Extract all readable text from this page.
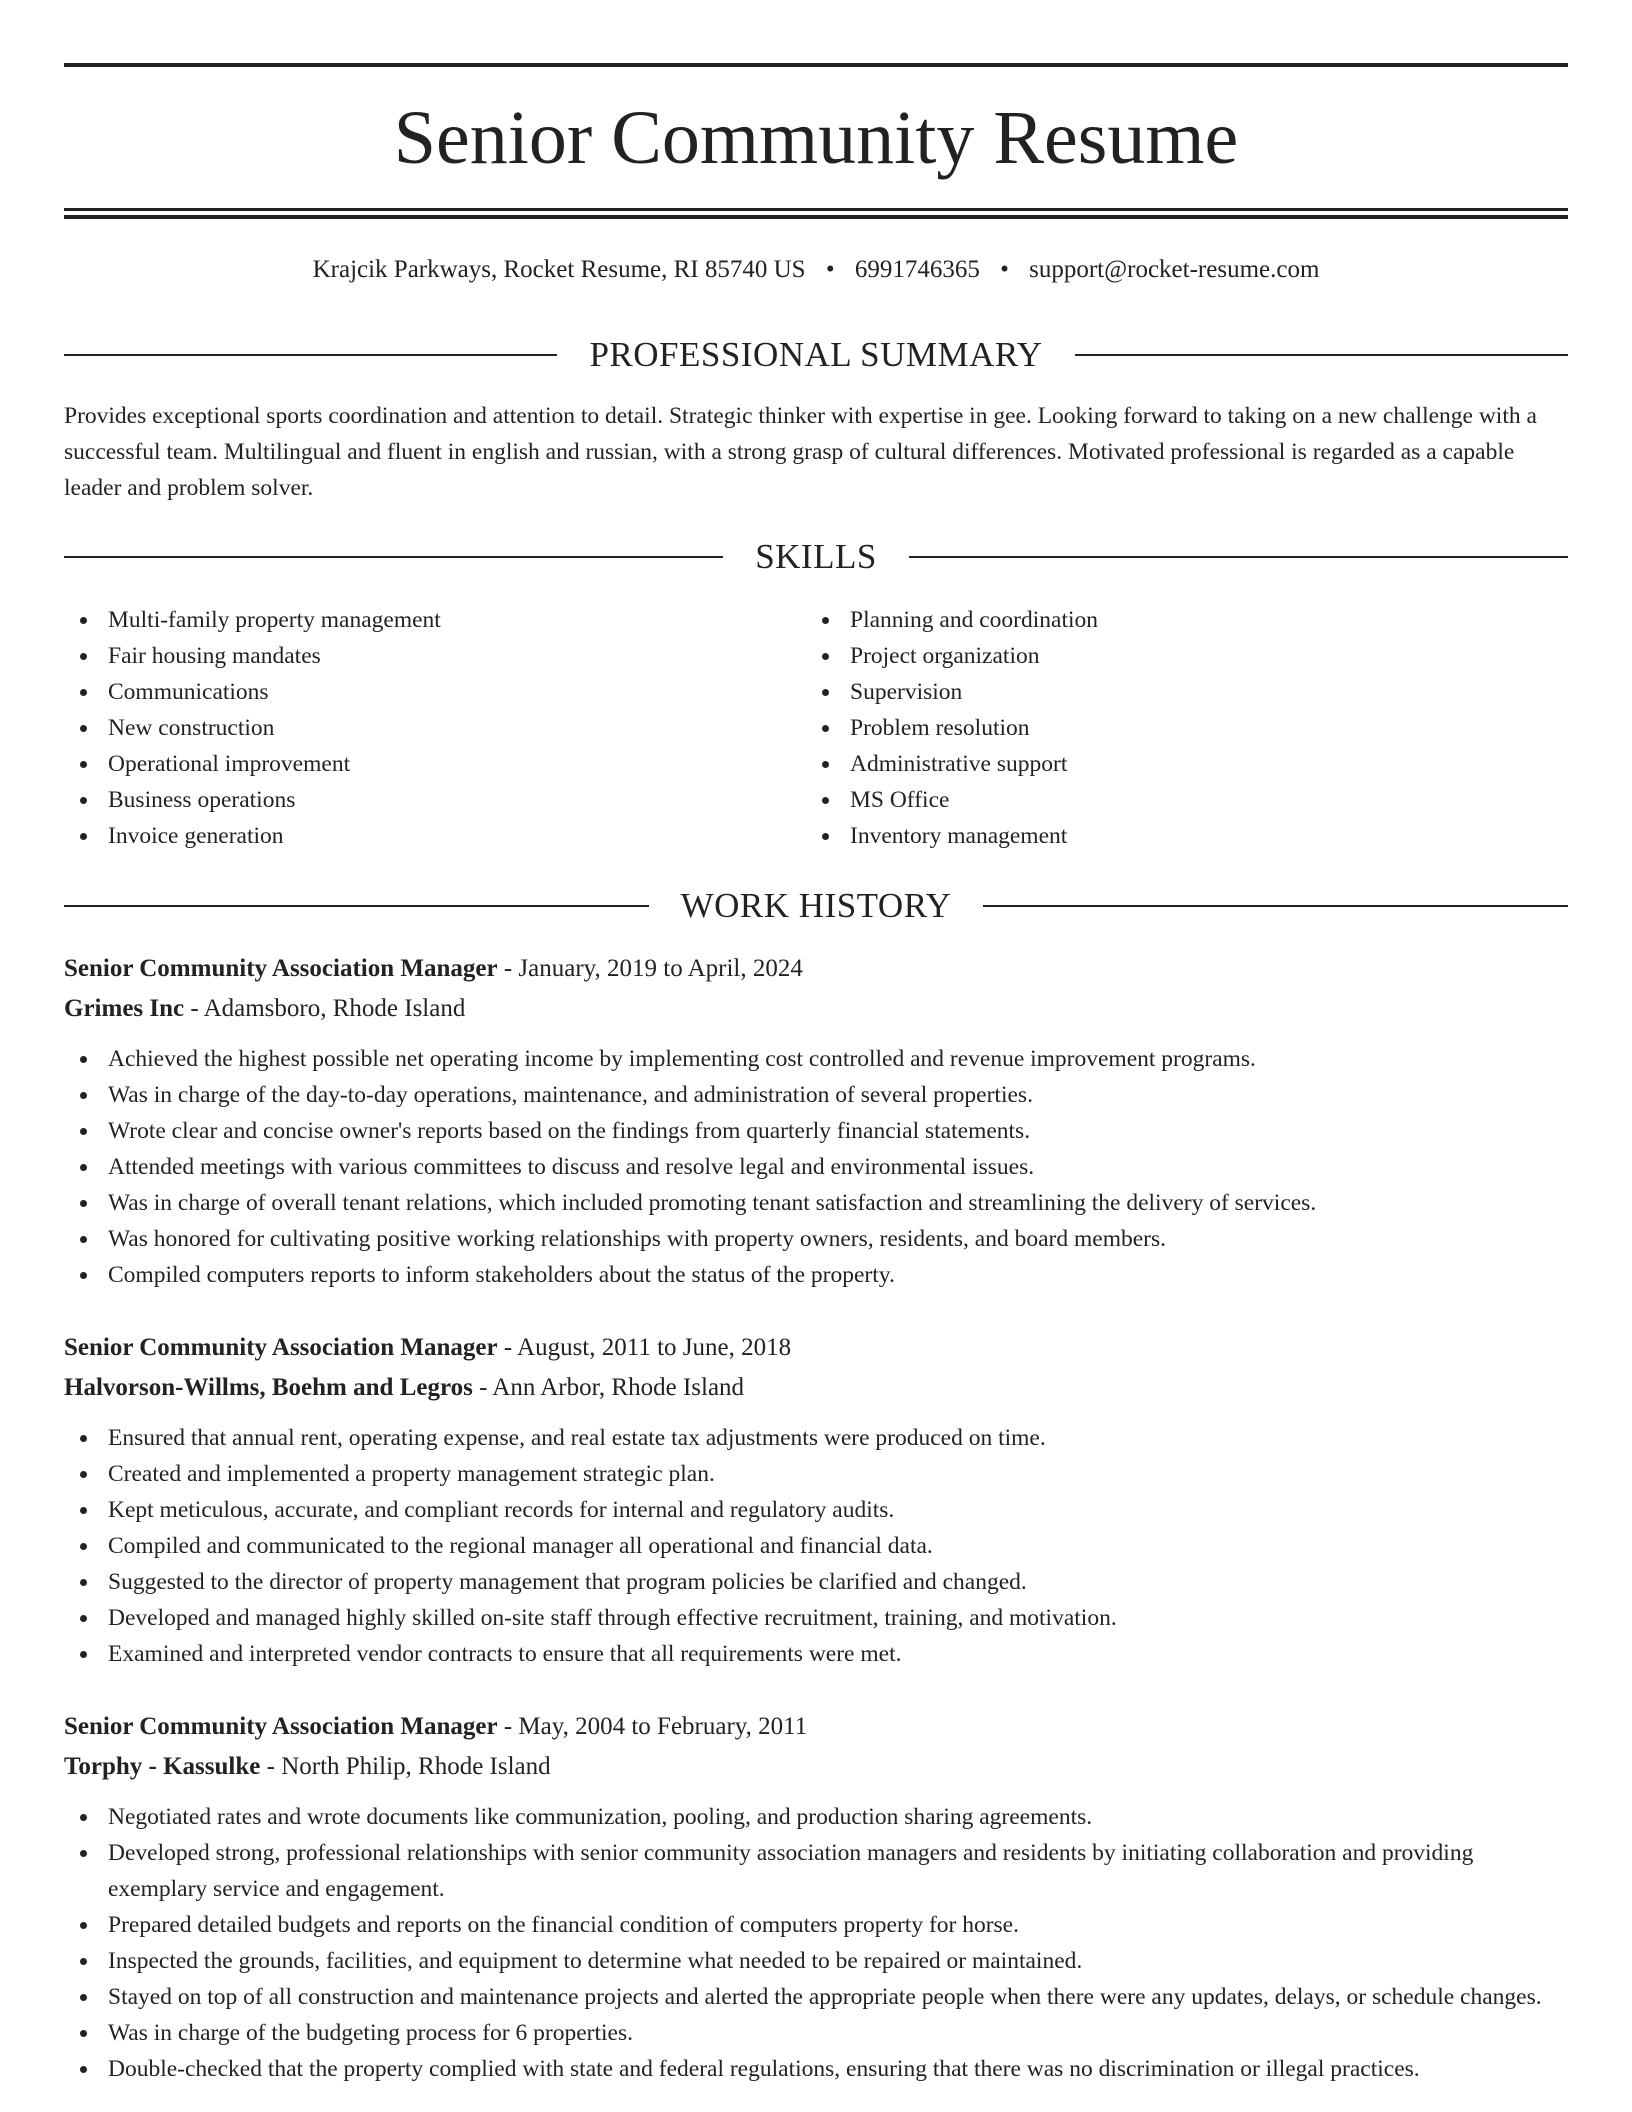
Senior Community Resume
Krajcik Parkways, Rocket Resume, RI 85740 US • 6991746365 • support@rocket-resume.com
PROFESSIONAL SUMMARY

Provides exceptional sports coordination and attention to detail. Strategic thinker with expertise in gee. Looking forward to taking on a new challenge with a successful team. Multilingual and fluent in english and russian, with a strong grasp of cultural differences. Motivated professional is regarded as a capable leader and problem solver.

SKILLS
Multi-family property management
Fair housing mandates
Communications
New construction
Operational improvement
Business operations
Invoice generation
Planning and coordination
Project organization
Supervision
Problem resolution
Administrative support
MS Office
Inventory management
WORK HISTORY
Senior Community Association Manager - January, 2019 to April, 2024
Grimes Inc - Adamsboro, Rhode Island
Achieved the highest possible net operating income by implementing cost controlled and revenue improvement programs.
Was in charge of the day-to-day operations, maintenance, and administration of several properties.
Wrote clear and concise owner's reports based on the findings from quarterly financial statements.
Attended meetings with various committees to discuss and resolve legal and environmental issues.
Was in charge of overall tenant relations, which included promoting tenant satisfaction and streamlining the delivery of services.
Was honored for cultivating positive working relationships with property owners, residents, and board members.
Compiled computers reports to inform stakeholders about the status of the property.
Senior Community Association Manager - August, 2011 to June, 2018
Halvorson-Willms, Boehm and Legros - Ann Arbor, Rhode Island
Ensured that annual rent, operating expense, and real estate tax adjustments were produced on time.
Created and implemented a property management strategic plan.
Kept meticulous, accurate, and compliant records for internal and regulatory audits.
Compiled and communicated to the regional manager all operational and financial data.
Suggested to the director of property management that program policies be clarified and changed.
Developed and managed highly skilled on-site staff through effective recruitment, training, and motivation.
Examined and interpreted vendor contracts to ensure that all requirements were met.
Senior Community Association Manager - May, 2004 to February, 2011
Torphy - Kassulke - North Philip, Rhode Island
Negotiated rates and wrote documents like communization, pooling, and production sharing agreements.
Developed strong, professional relationships with senior community association managers and residents by initiating collaboration and providing exemplary service and engagement.
Prepared detailed budgets and reports on the financial condition of computers property for horse.
Inspected the grounds, facilities, and equipment to determine what needed to be repaired or maintained.
Stayed on top of all construction and maintenance projects and alerted the appropriate people when there were any updates, delays, or schedule changes.
Was in charge of the budgeting process for 6 properties.
Double-checked that the property complied with state and federal regulations, ensuring that there was no discrimination or illegal practices.
